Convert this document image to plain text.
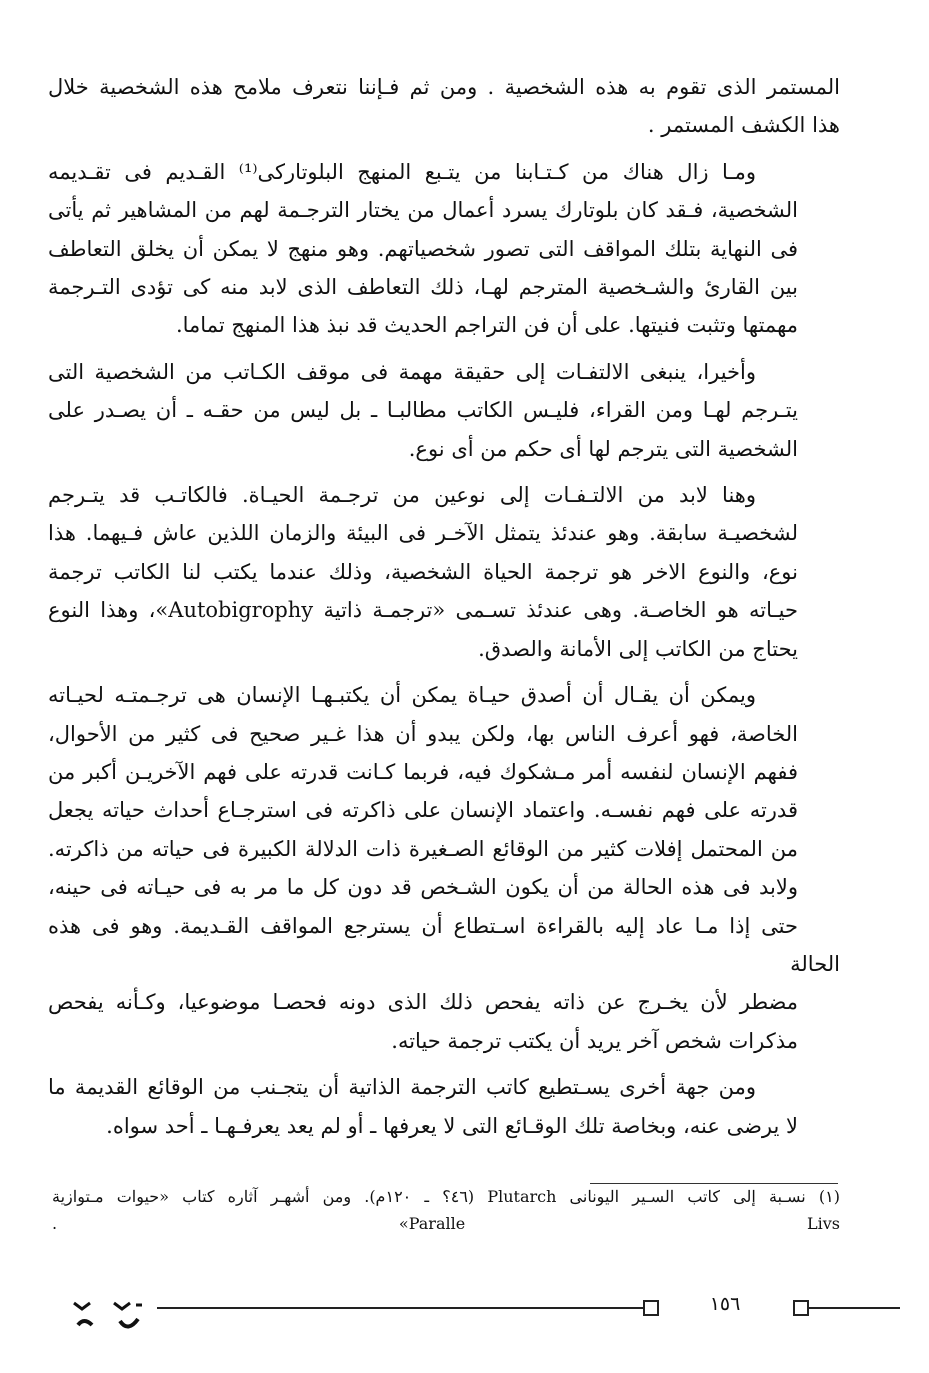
المستمر الذى تقوم به هذه الشخصية . ومن ثم فـإننا نتعرف ملامح هذه الشخصية خلال
هذا الكشف المستمر .

ومـا زال هناك من كـتـابنا من يتـبع المنهج البلوتاركى⁽¹⁾ القـديم فى تقـديمه
الشخصية، فـقد كان بلوتارك يسرد أعمال من يختار الترجـمة لهم من المشاهير ثم يأتى
فى النهاية بتلك المواقف التى تصور شخصياتهم. وهو منهج لا يمكن أن يخلق التعاطف
بين القارئ والشـخصية المترجم لهـا، ذلك التعاطف الذى لابد منه كى تؤدى التـرجمة
مهمتها وتثبت فنيتها. على أن فن التراجم الحديث قد نبذ هذا المنهج تماما.

وأخيرا، ينبغى الالتفـات إلى حقيقة مهمة فى موقف الكـاتب من الشخصية التى
يتـرجم لهـا ومن القراء، فليـس الكاتب مطالبـا ـ بل ليس من حقـه ـ أن يصـدر على
الشخصية التى يترجم لها أى حكم من أى نوع.

وهنا لابد من الالتـفـات إلى نوعين من ترجـمة الحيـاة. فالكاتـب قد يتـرجم
لشخصيـة سابقة. وهو عندئذ يتمثل الآخـر فى البيئة والزمان اللذين عاش فـيهما. هذا
نوع، والنوع الاخر هو ترجمة الحياة الشخصية، وذلك عندما يكتب لنا الكاتب ترجمة
حيـاته هو الخاصـة. وهى عندئذ تسـمى «ترجمـة ذاتية Autobigrophy»، وهذا النوع
يحتاج من الكاتب إلى الأمانة والصدق.

ويمكن أن يقـال أن أصدق حيـاة يمكن أن يكتبـهـا الإنسان هى ترجـمتـه لحيـاته
الخاصة، فهو أعرف الناس بها، ولكن يبدو أن هذا غـير صحيح فى كثير من الأحوال،
ففهم الإنسان لنفسه أمر مـشكوك فيه، فربما كـانت قدرته على فهم الآخريـن أكبر من
قدرته على فهم نفسـه. واعتماد الإنسان على ذاكرته فى استرجـاع أحداث حياته يجعل
من المحتمل إفلات كثير من الوقائع الصـغيرة ذات الدلالة الكبيرة فى حياته من ذاكرته.
ولابد فى هذه الحالة من أن يكون الشـخص قد دون كل ما مر به فى حيـاته فى حينه،
حتى إذا مـا عاد إليه بالقراءة اسـتطاع أن يسترجع المواقف القـديمة. وهو فى هذه الحالة
مضطر لأن يخـرج عن ذاته يفحص ذلك الذى دونه فحصـا موضوعيا، وكـأنه يفحص
مذكرات شخص آخر يريد أن يكتب ترجمة حياته.

ومن جهة أخرى يسـتطيع كاتب الترجمة الذاتية أن يتجـنب من الوقائع القديمة ما
لا يرضى عنه، وبخاصة تلك الوقـائع التى لا يعرفها ـ أو لم يعد يعرفـهـا ـ أحد سواه.

(١) نسـبة إلى كاتب السـير اليونانى Plutarch (٤٦؟ ـ ١٢٠م). ومن أشهـر آثاره كتاب «حيوات مـتوازية
Paralle Livs» .
١٥٦
